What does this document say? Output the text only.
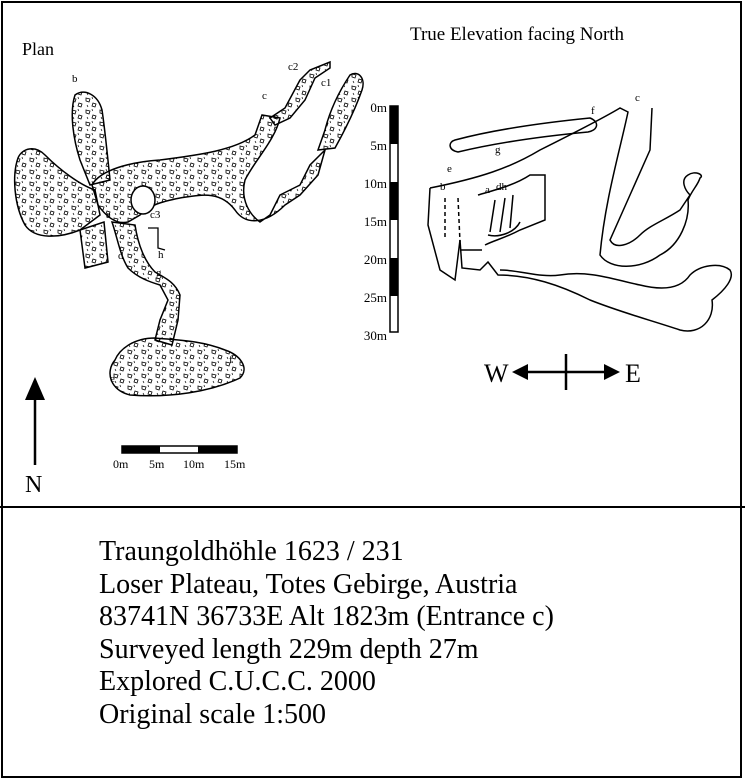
Plan
b
c
c2
c1
c3
a
d	h
g
e
f
N
0m 5m 10m 15m
True Elevation facing North
0m
5m
10m
15m
20m
25m
30m
f
c
g
e
b	a dh
W	E
Traungoldhöhle 1623 / 231
Loser Plateau, Totes Gebirge, Austria
83741N 36733E Alt 1823m (Entrance c)
Surveyed length 229m depth 27m
Explored C.U.C.C. 2000
Original scale 1:500
